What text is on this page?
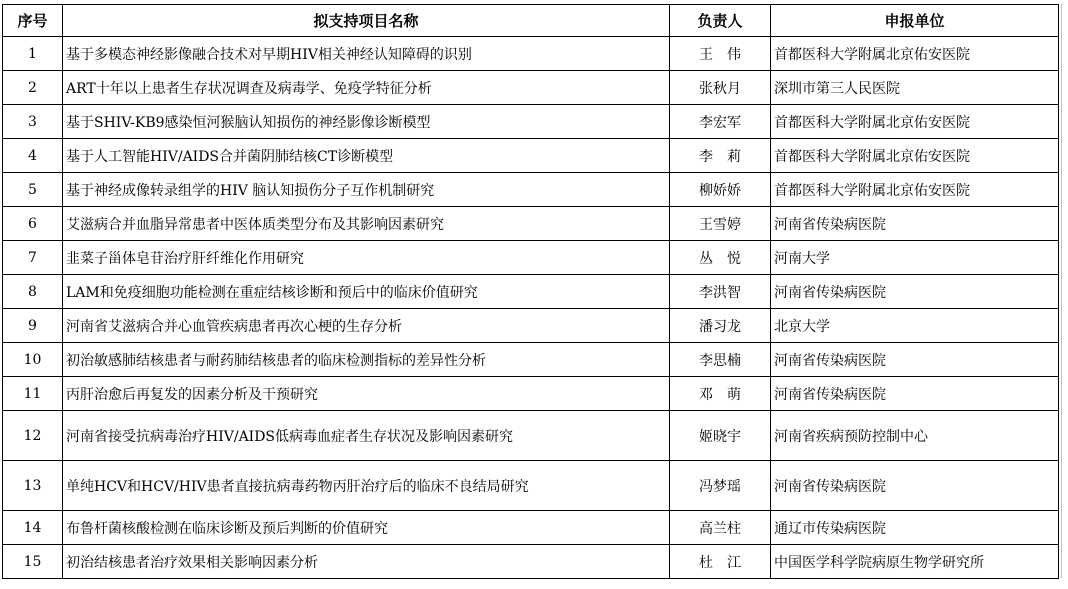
序号	拟支持项目名称	负责人	申报单位
1	基于多模态神经影像融合技术对早期HIV相关神经认知障碍的识别	王　伟	首都医科大学附属北京佑安医院
2	ART十年以上患者生存状况调查及病毒学、免疫学特征分析	张秋月	深圳市第三人民医院
3	基于SHIV-KB9感染恒河猴脑认知损伤的神经影像诊断模型	李宏军	首都医科大学附属北京佑安医院
4	基于人工智能HIV/AIDS合并菌阴肺结核CT诊断模型	李　莉	首都医科大学附属北京佑安医院
5	基于神经成像转录组学的HIV 脑认知损伤分子互作机制研究	柳娇娇	首都医科大学附属北京佑安医院
6	艾滋病合并血脂异常患者中医体质类型分布及其影响因素研究	王雪婷	河南省传染病医院
7	韭菜子甾体皂苷治疗肝纤维化作用研究	丛　悦	河南大学
8	LAM和免疫细胞功能检测在重症结核诊断和预后中的临床价值研究	李洪智	河南省传染病医院
9	河南省艾滋病合并心血管疾病患者再次心梗的生存分析	潘习龙	北京大学
10	初治敏感肺结核患者与耐药肺结核患者的临床检测指标的差异性分析	李思楠	河南省传染病医院
11	丙肝治愈后再复发的因素分析及干预研究	邓　萌	河南省传染病医院
12	河南省接受抗病毒治疗HIV/AIDS低病毒血症者生存状况及影响因素研究	姬晓宇	河南省疾病预防控制中心
13	单纯HCV和HCV/HIV患者直接抗病毒药物丙肝治疗后的临床不良结局研究	冯梦瑶	河南省传染病医院
14	布鲁杆菌核酸检测在临床诊断及预后判断的价值研究	高兰柱	通辽市传染病医院
15	初治结核患者治疗效果相关影响因素分析	杜　江	中国医学科学院病原生物学研究所
